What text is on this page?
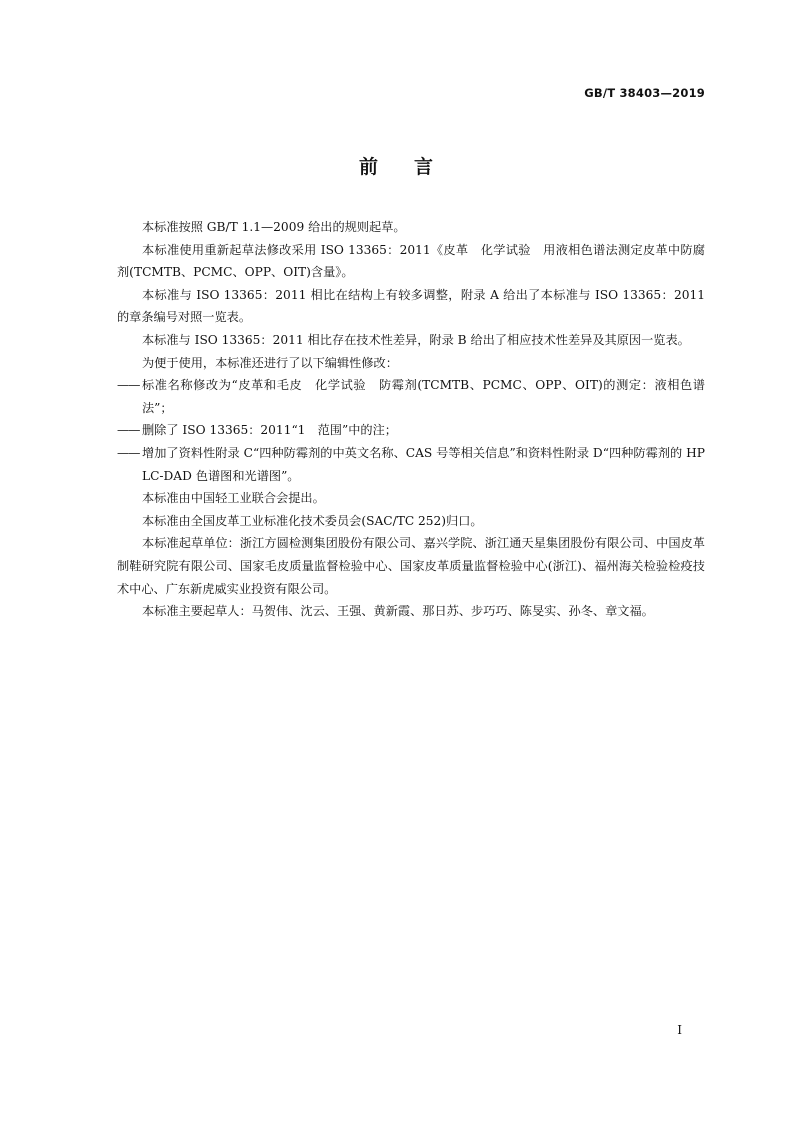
GB/T 38403—2019
前 言

本标准按照 GB/T 1.1—2009 给出的规则起草。

本标准使用重新起草法修改采用 ISO 13365：2011《皮革　化学试验　用液相色谱法测定皮革中防腐剂(TCMTB、PCMC、OPP、OIT)含量》。

本标准与 ISO 13365：2011 相比在结构上有较多调整，附录 A 给出了本标准与 ISO 13365：2011 的章条编号对照一览表。

本标准与 ISO 13365：2011 相比存在技术性差异，附录 B 给出了相应技术性差异及其原因一览表。

为便于使用，本标准还进行了以下编辑性修改：

—— 标准名称修改为“皮革和毛皮　化学试验　防霉剂(TCMTB、PCMC、OPP、OIT)的测定：液相色谱法”；
—— 删除了 ISO 13365：2011“1　范围”中的注；
—— 增加了资料性附录 C“四种防霉剂的中英文名称、CAS 号等相关信息”和资料性附录 D“四种防霉剂的 HPLC-DAD 色谱图和光谱图”。

本标准由中国轻工业联合会提出。

本标准由全国皮革工业标准化技术委员会(SAC/TC 252)归口。

本标准起草单位：浙江方圆检测集团股份有限公司、嘉兴学院、浙江通天星集团股份有限公司、中国皮革制鞋研究院有限公司、国家毛皮质量监督检验中心、国家皮革质量监督检验中心(浙江)、福州海关检验检疫技术中心、广东新虎威实业投资有限公司。

本标准主要起草人：马贺伟、沈云、王强、黄新霞、那日苏、步巧巧、陈旻实、孙冬、章文福。

I
